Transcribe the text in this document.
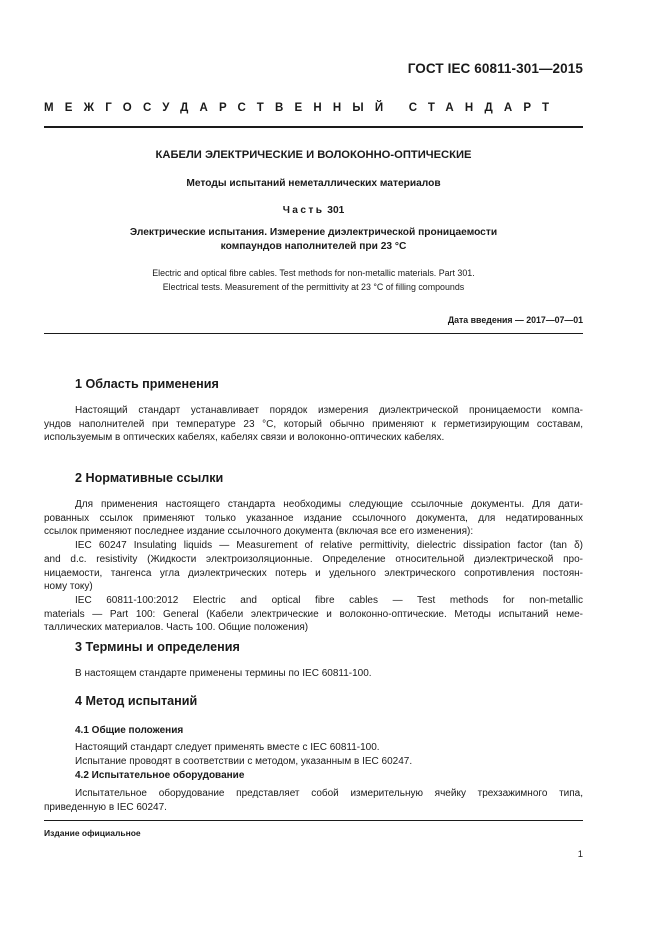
ГОСТ IEC 60811-301—2015
МЕЖГОСУДАРСТВЕННЫЙ СТАНДАРТ
КАБЕЛИ ЭЛЕКТРИЧЕСКИЕ И ВОЛОКОННО-ОПТИЧЕСКИЕ
Методы испытаний неметаллических материалов
Часть 301
Электрические испытания. Измерение диэлектрической проницаемости
компаундов наполнителей при 23 °C
Electric and optical fibre cables. Test methods for non-metallic materials. Part 301.
Electrical tests. Measurement of the permittivity at 23 °C of filling compounds
Дата введения — 2017—07—01
1 Область применения
Настоящий стандарт устанавливает порядок измерения диэлектрической проницаемости компа-
ундов наполнителей при температуре 23 °C, который обычно применяют к герметизирующим составам,
используемым в оптических кабелях, кабелях связи и волоконно-оптических кабелях.
2 Нормативные ссылки
Для применения настоящего стандарта необходимы следующие ссылочные документы. Для дати-
рованных ссылок применяют только указанное издание ссылочного документа, для недатированных
ссылок применяют последнее издание ссылочного документа (включая все его изменения):
IEC 60247 Insulating liquids — Measurement of relative permittivity, dielectric dissipation factor (tan δ)
and d.c. resistivity (Жидкости электроизоляционные. Определение относительной диэлектрической про-
ницаемости, тангенса угла диэлектрических потерь и удельного электрического сопротивления постоян-
ному току)
IEC 60811-100:2012 Electric and optical fibre cables — Test methods for non-metallic
materials — Part 100: General (Кабели электрические и волоконно-оптические. Методы испытаний немe-
таллических материалов. Часть 100. Общие положения)
3 Термины и определения
В настоящем стандарте применены термины по IEC 60811-100.
4 Метод испытаний
4.1 Общие положения
Настоящий стандарт следует применять вместе с IEC 60811-100.
Испытание проводят в соответствии с методом, указанным в IEC 60247.
4.2 Испытательное оборудование
Испытательное оборудование представляет собой измерительную ячейку трехзажимного типа,
приведенную в IEC 60247.
Издание официальное
1
